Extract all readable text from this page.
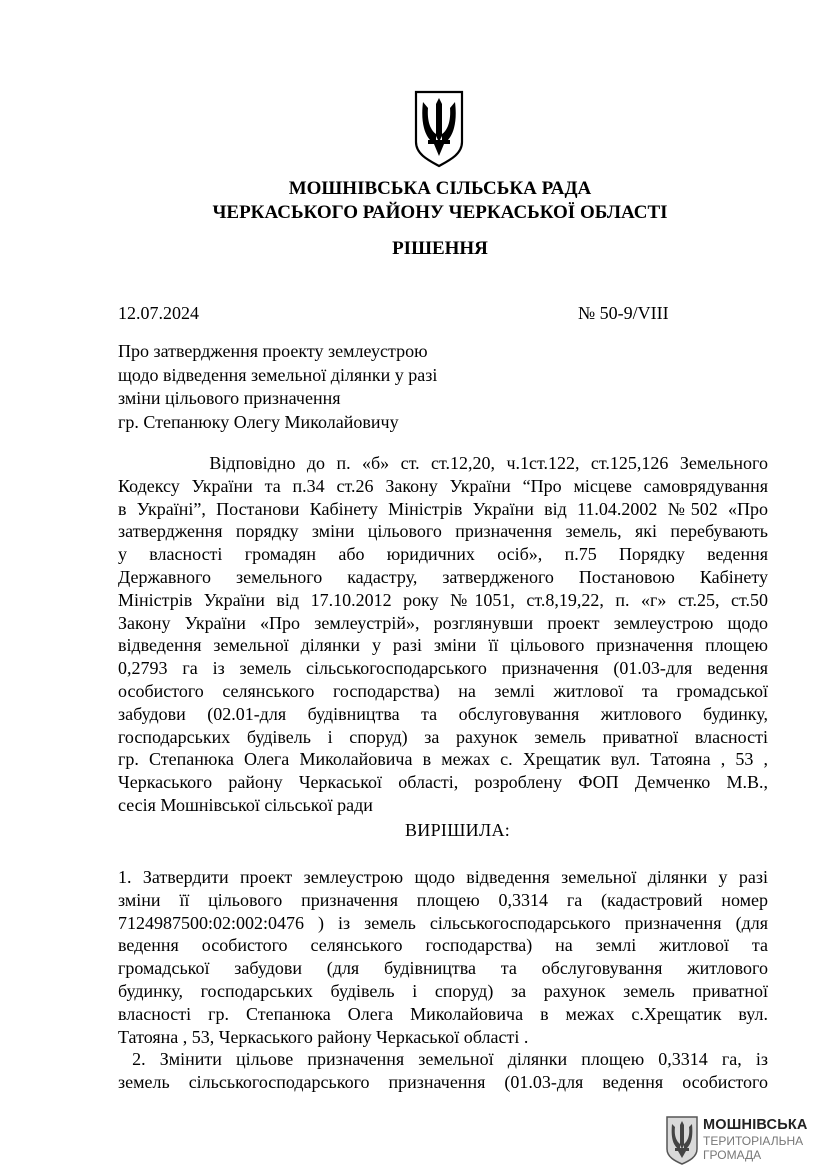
МОШНІВСЬКА СІЛЬСЬКА РАДА
ЧЕРКАСЬКОГО РАЙОНУ ЧЕРКАСЬКОЇ ОБЛАСТІ
РІШЕННЯ
12.07.2024	№ 50-9/VIII
Про затвердження проекту землеустрою
щодо відведення земельної ділянки у разі
зміни цільового призначення
гр. Степанюку Олегу Миколайовичу
Відповідно до п. «б» ст. ст.12,20, ч.1ст.122, ст.125,126 Земельного
Кодексу України та п.34 ст.26 Закону України “Про місцеве самоврядування
в Україні”, Постанови Кабінету Міністрів України від 11.04.2002 №502 «Про
затвердження порядку зміни цільового призначення земель, які перебувають
у власності громадян або юридичних осіб», п.75 Порядку ведення
Державного земельного кадастру, затвердженого Постановою Кабінету
Міністрів України від 17.10.2012 року №1051, ст.8,19,22, п. «г» ст.25, ст.50
Закону України «Про землеустрій», розглянувши проект землеустрою щодо
відведення земельної ділянки у разі зміни її цільового призначення площею
0,2793 га із земель сільськогосподарського призначення (01.03-для ведення
особистого селянського господарства) на землі житлової та громадської
забудови (02.01-для будівництва та обслуговування житлового будинку,
господарських будівель і споруд) за рахунок земель приватної власності
гр. Степанюка Олега Миколайовича в межах с. Хрещатик вул. Татояна , 53 ,
Черкаського району Черкаської області, розроблену ФОП Демченко М.В.,
сесія Мошнівської сільської ради
ВИРІШИЛА:
1. Затвердити проект землеустрою щодо відведення земельної ділянки у разі
зміни її цільового призначення площею 0,3314 га (кадастровий номер
7124987500:02:002:0476 ) із земель сільськогосподарського призначення (для
ведення особистого селянського господарства) на землі житлової та
громадської забудови (для будівництва та обслуговування житлового
будинку, господарських будівель і споруд) за рахунок земель приватної
власності гр. Степанюка Олега Миколайовича в межах с.Хрещатик вул.
Татояна , 53, Черкаського району Черкаської області .
2. Змінити цільове призначення земельної ділянки площею 0,3314 га, із
земель сільськогосподарського призначення (01.03-для ведення особистого
МОШНІВСЬКА
ТЕРИТОРІАЛЬНА
ГРОМАДА
